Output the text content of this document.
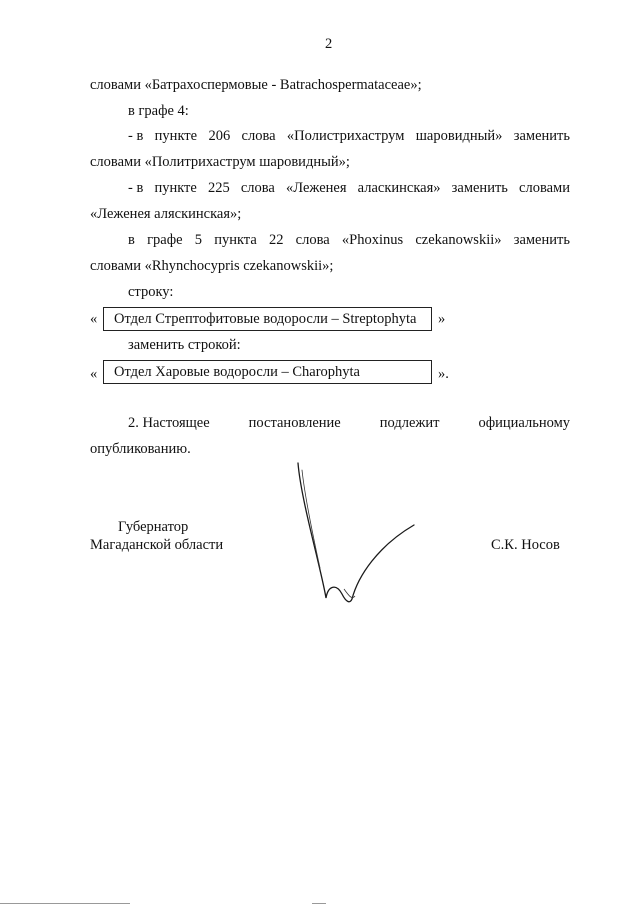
2
словами «Батрахоспермовые - Batrachospermataceae»;
в графе 4:
- в пункте 206 слова «Полистрихаструм шаровидный» заменить
словами «Политрихаструм шаровидный»;
- в пункте 225 слова «Леженея аласкинская» заменить словами
«Леженея аляскинская»;
в графе 5 пункта 22 слова «Phoxinus czekanowskii» заменить
словами «Rhynchocypris czekanowskii»;
строку:
«	Отдел Стрептофитовые водоросли – Streptophyta	»
заменить строкой:
«	Отдел Харовые водоросли – Charophyta	».
2. Настоящее	постановление	подлежит	официальному
опубликованию.
Губернатор
Магаданской области	С.К. Носов
